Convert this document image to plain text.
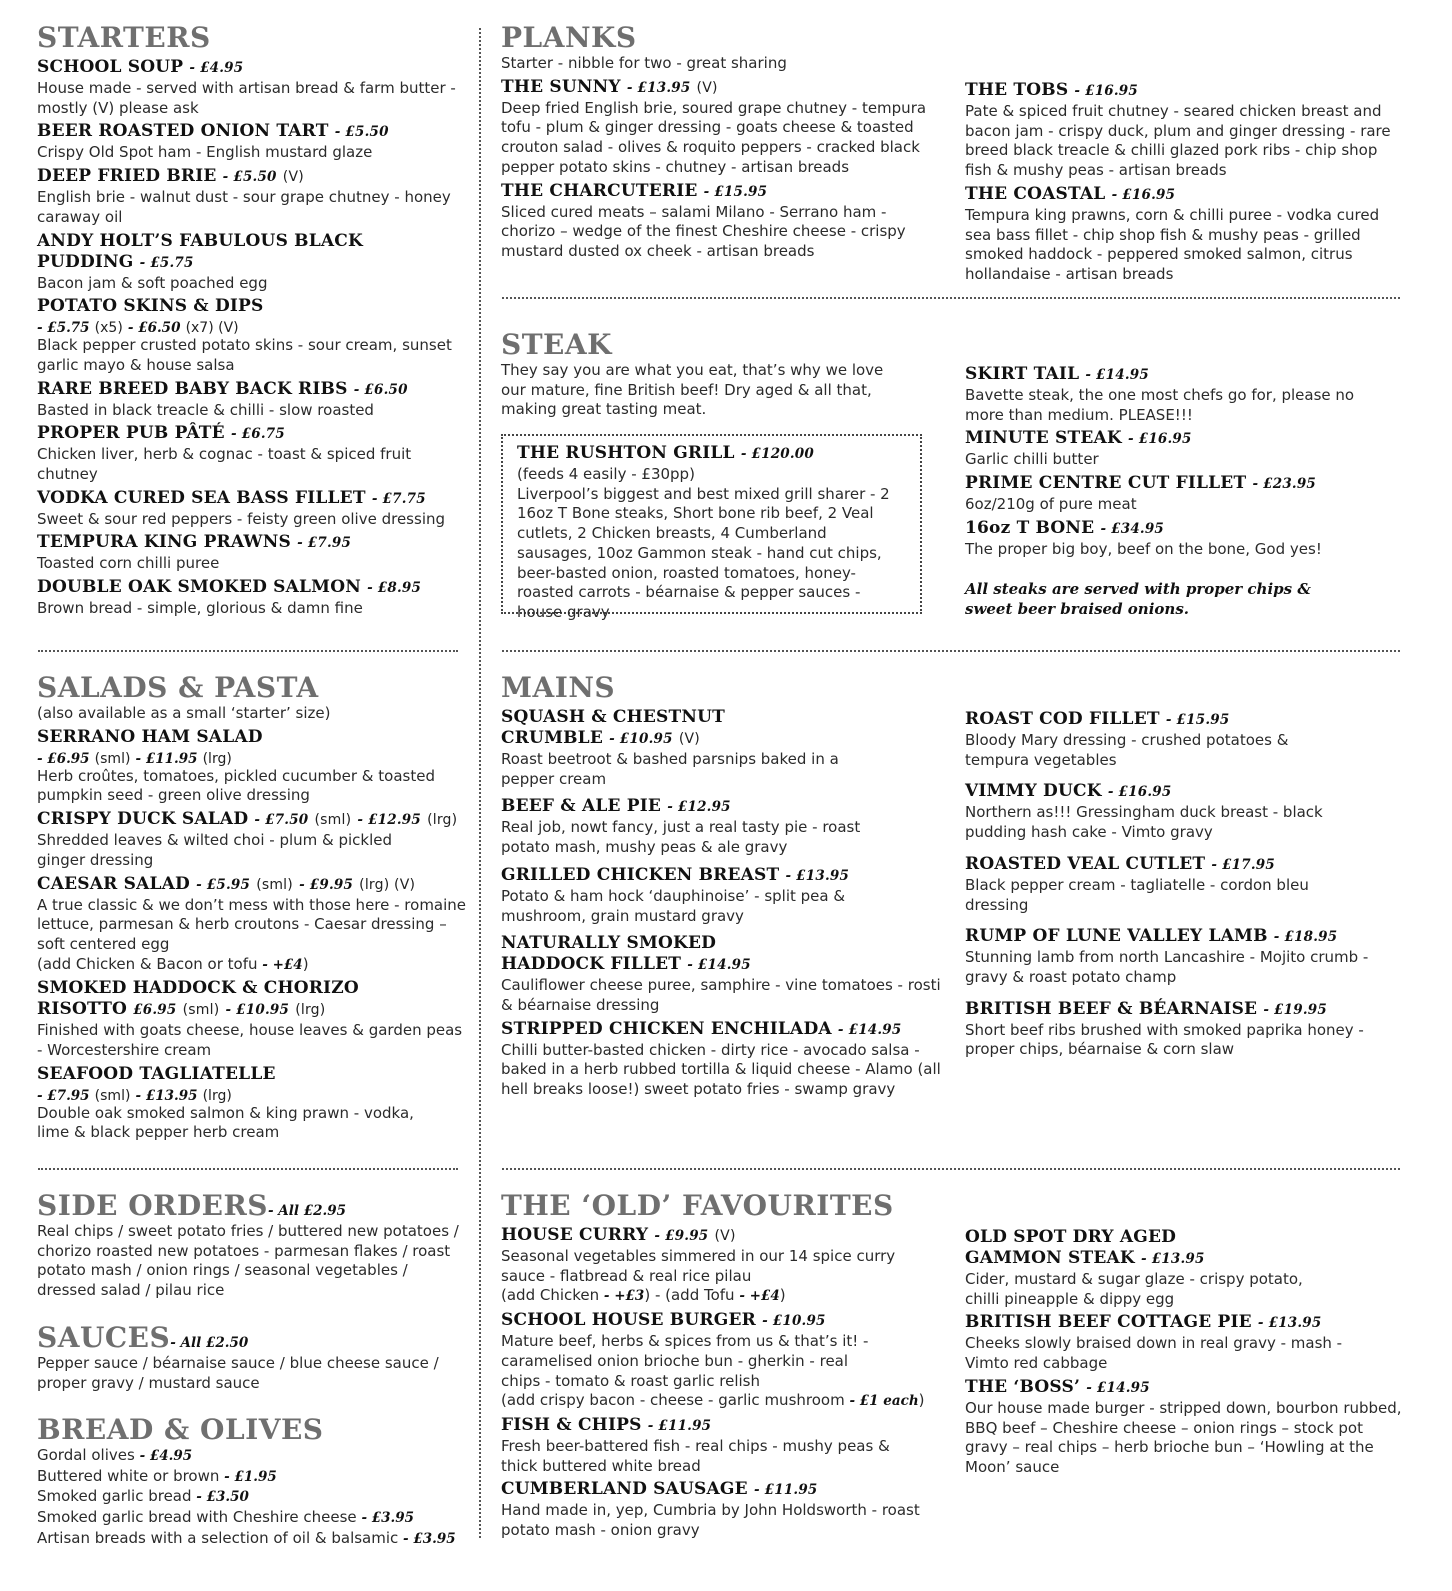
STARTERS
SCHOOL SOUP - £4.95
House made - served with artisan bread & farm butter - mostly (V) please ask
BEER ROASTED ONION TART - £5.50
Crispy Old Spot ham - English mustard glaze
DEEP FRIED BRIE - £5.50 (V)
English brie - walnut dust - sour grape chutney - honey caraway oil
ANDY HOLT’S FABULOUS BLACK PUDDING - £5.75
Bacon jam & soft poached egg
POTATO SKINS & DIPS
- £5.75 (x5) - £6.50 (x7) (V)
Black pepper crusted potato skins - sour cream, sunset garlic mayo & house salsa
RARE BREED BABY BACK RIBS - £6.50
Basted in black treacle & chilli - slow roasted
PROPER PUB PÂTÉ - £6.75
Chicken liver, herb & cognac - toast & spiced fruit chutney
VODKA CURED SEA BASS FILLET - £7.75
Sweet & sour red peppers - feisty green olive dressing
TEMPURA KING PRAWNS - £7.95
Toasted corn chilli puree
DOUBLE OAK SMOKED SALMON - £8.95
Brown bread - simple, glorious & damn fine
SALADS & PASTA
(also available as a small ‘starter’ size)
SERRANO HAM SALAD
- £6.95 (sml) - £11.95 (lrg)
Herb croûtes, tomatoes, pickled cucumber & toasted pumpkin seed - green olive dressing
CRISPY DUCK SALAD - £7.50 (sml) - £12.95 (lrg)
Shredded leaves & wilted choi - plum & pickled ginger dressing
CAESAR SALAD - £5.95 (sml) - £9.95 (lrg) (V)
A true classic & we don’t mess with those here - romaine lettuce, parmesan & herb croutons - Caesar dressing – soft centered egg
(add Chicken & Bacon or tofu - +£4)
SMOKED HADDOCK & CHORIZO
RISOTTO £6.95 (sml) - £10.95 (lrg)
Finished with goats cheese, house leaves & garden peas - Worcestershire cream
SEAFOOD TAGLIATELLE
- £7.95 (sml) - £13.95 (lrg)
Double oak smoked salmon & king prawn - vodka, lime & black pepper herb cream
SIDE ORDERS- All £2.95
Real chips / sweet potato fries / buttered new potatoes / chorizo roasted new potatoes - parmesan flakes / roast potato mash / onion rings / seasonal vegetables / dressed salad / pilau rice
SAUCES- All £2.50
Pepper sauce / béarnaise sauce / blue cheese sauce / proper gravy / mustard sauce
BREAD & OLIVES
Gordal olives - £4.95
Buttered white or brown - £1.95
Smoked garlic bread - £3.50
Smoked garlic bread with Cheshire cheese - £3.95
Artisan breads with a selection of oil & balsamic - £3.95
PLANKS
Starter - nibble for two - great sharing
THE SUNNY - £13.95 (V)
Deep fried English brie, soured grape chutney - tempura tofu - plum & ginger dressing - goats cheese & toasted crouton salad - olives & roquito peppers - cracked black pepper potato skins - chutney - artisan breads
THE CHARCUTERIE - £15.95
Sliced cured meats – salami Milano - Serrano ham - chorizo – wedge of the finest Cheshire cheese - crispy mustard dusted ox cheek - artisan breads
THE TOBS - £16.95
Pate & spiced fruit chutney - seared chicken breast and bacon jam - crispy duck, plum and ginger dressing - rare breed black treacle & chilli glazed pork ribs - chip shop fish & mushy peas - artisan breads
THE COASTAL - £16.95
Tempura king prawns, corn & chilli puree - vodka cured sea bass fillet - chip shop fish & mushy peas - grilled smoked haddock - peppered smoked salmon, citrus hollandaise - artisan breads
STEAK
They say you are what you eat, that’s why we love our mature, fine British beef! Dry aged & all that, making great tasting meat.
THE RUSHTON GRILL - £120.00
(feeds 4 easily - £30pp)
Liverpool’s biggest and best mixed grill sharer - 2 16oz T Bone steaks, Short bone rib beef, 2 Veal cutlets, 2 Chicken breasts, 4 Cumberland sausages, 10oz Gammon steak - hand cut chips, beer-basted onion, roasted tomatoes, honey-roasted carrots - béarnaise & pepper sauces - house gravy
SKIRT TAIL - £14.95
Bavette steak, the one most chefs go for, please no more than medium. PLEASE!!!
MINUTE STEAK - £16.95
Garlic chilli butter
PRIME CENTRE CUT FILLET - £23.95
6oz/210g of pure meat
16oz T BONE - £34.95
The proper big boy, beef on the bone, God yes!
All steaks are served with proper chips & sweet beer braised onions.
MAINS
SQUASH & CHESTNUT
CRUMBLE - £10.95 (V)
Roast beetroot & bashed parsnips baked in a pepper cream
BEEF & ALE PIE - £12.95
Real job, nowt fancy, just a real tasty pie - roast potato mash, mushy peas & ale gravy
GRILLED CHICKEN BREAST - £13.95
Potato & ham hock ‘dauphinoise’ - split pea & mushroom, grain mustard gravy
NATURALLY SMOKED
HADDOCK FILLET - £14.95
Cauliflower cheese puree, samphire - vine tomatoes - rosti & béarnaise dressing
STRIPPED CHICKEN ENCHILADA - £14.95
Chilli butter-basted chicken - dirty rice - avocado salsa - baked in a herb rubbed tortilla & liquid cheese - Alamo (all hell breaks loose!) sweet potato fries - swamp gravy
ROAST COD FILLET - £15.95
Bloody Mary dressing - crushed potatoes & tempura vegetables
VIMMY DUCK - £16.95
Northern as!!! Gressingham duck breast - black pudding hash cake - Vimto gravy
ROASTED VEAL CUTLET - £17.95
Black pepper cream - tagliatelle - cordon bleu dressing
RUMP OF LUNE VALLEY LAMB - £18.95
Stunning lamb from north Lancashire - Mojito crumb - gravy & roast potato champ
BRITISH BEEF & BÉARNAISE - £19.95
Short beef ribs brushed with smoked paprika honey - proper chips, béarnaise & corn slaw
THE ‘OLD’ FAVOURITES
HOUSE CURRY - £9.95 (V)
Seasonal vegetables simmered in our 14 spice curry sauce - flatbread & real rice pilau
(add Chicken - +£3) - (add Tofu - +£4)
SCHOOL HOUSE BURGER - £10.95
Mature beef, herbs & spices from us & that’s it! - caramelised onion brioche bun - gherkin - real chips - tomato & roast garlic relish
(add crispy bacon - cheese - garlic mushroom - £1 each)
FISH & CHIPS - £11.95
Fresh beer-battered fish - real chips - mushy peas & thick buttered white bread
CUMBERLAND SAUSAGE - £11.95
Hand made in, yep, Cumbria by John Holdsworth - roast potato mash - onion gravy
OLD SPOT DRY AGED
GAMMON STEAK - £13.95
Cider, mustard & sugar glaze - crispy potato, chilli pineapple & dippy egg
BRITISH BEEF COTTAGE PIE - £13.95
Cheeks slowly braised down in real gravy - mash - Vimto red cabbage
THE ‘BOSS’ - £14.95
Our house made burger - stripped down, bourbon rubbed, BBQ beef – Cheshire cheese – onion rings – stock pot gravy – real chips – herb brioche bun – ‘Howling at the Moon’ sauce
